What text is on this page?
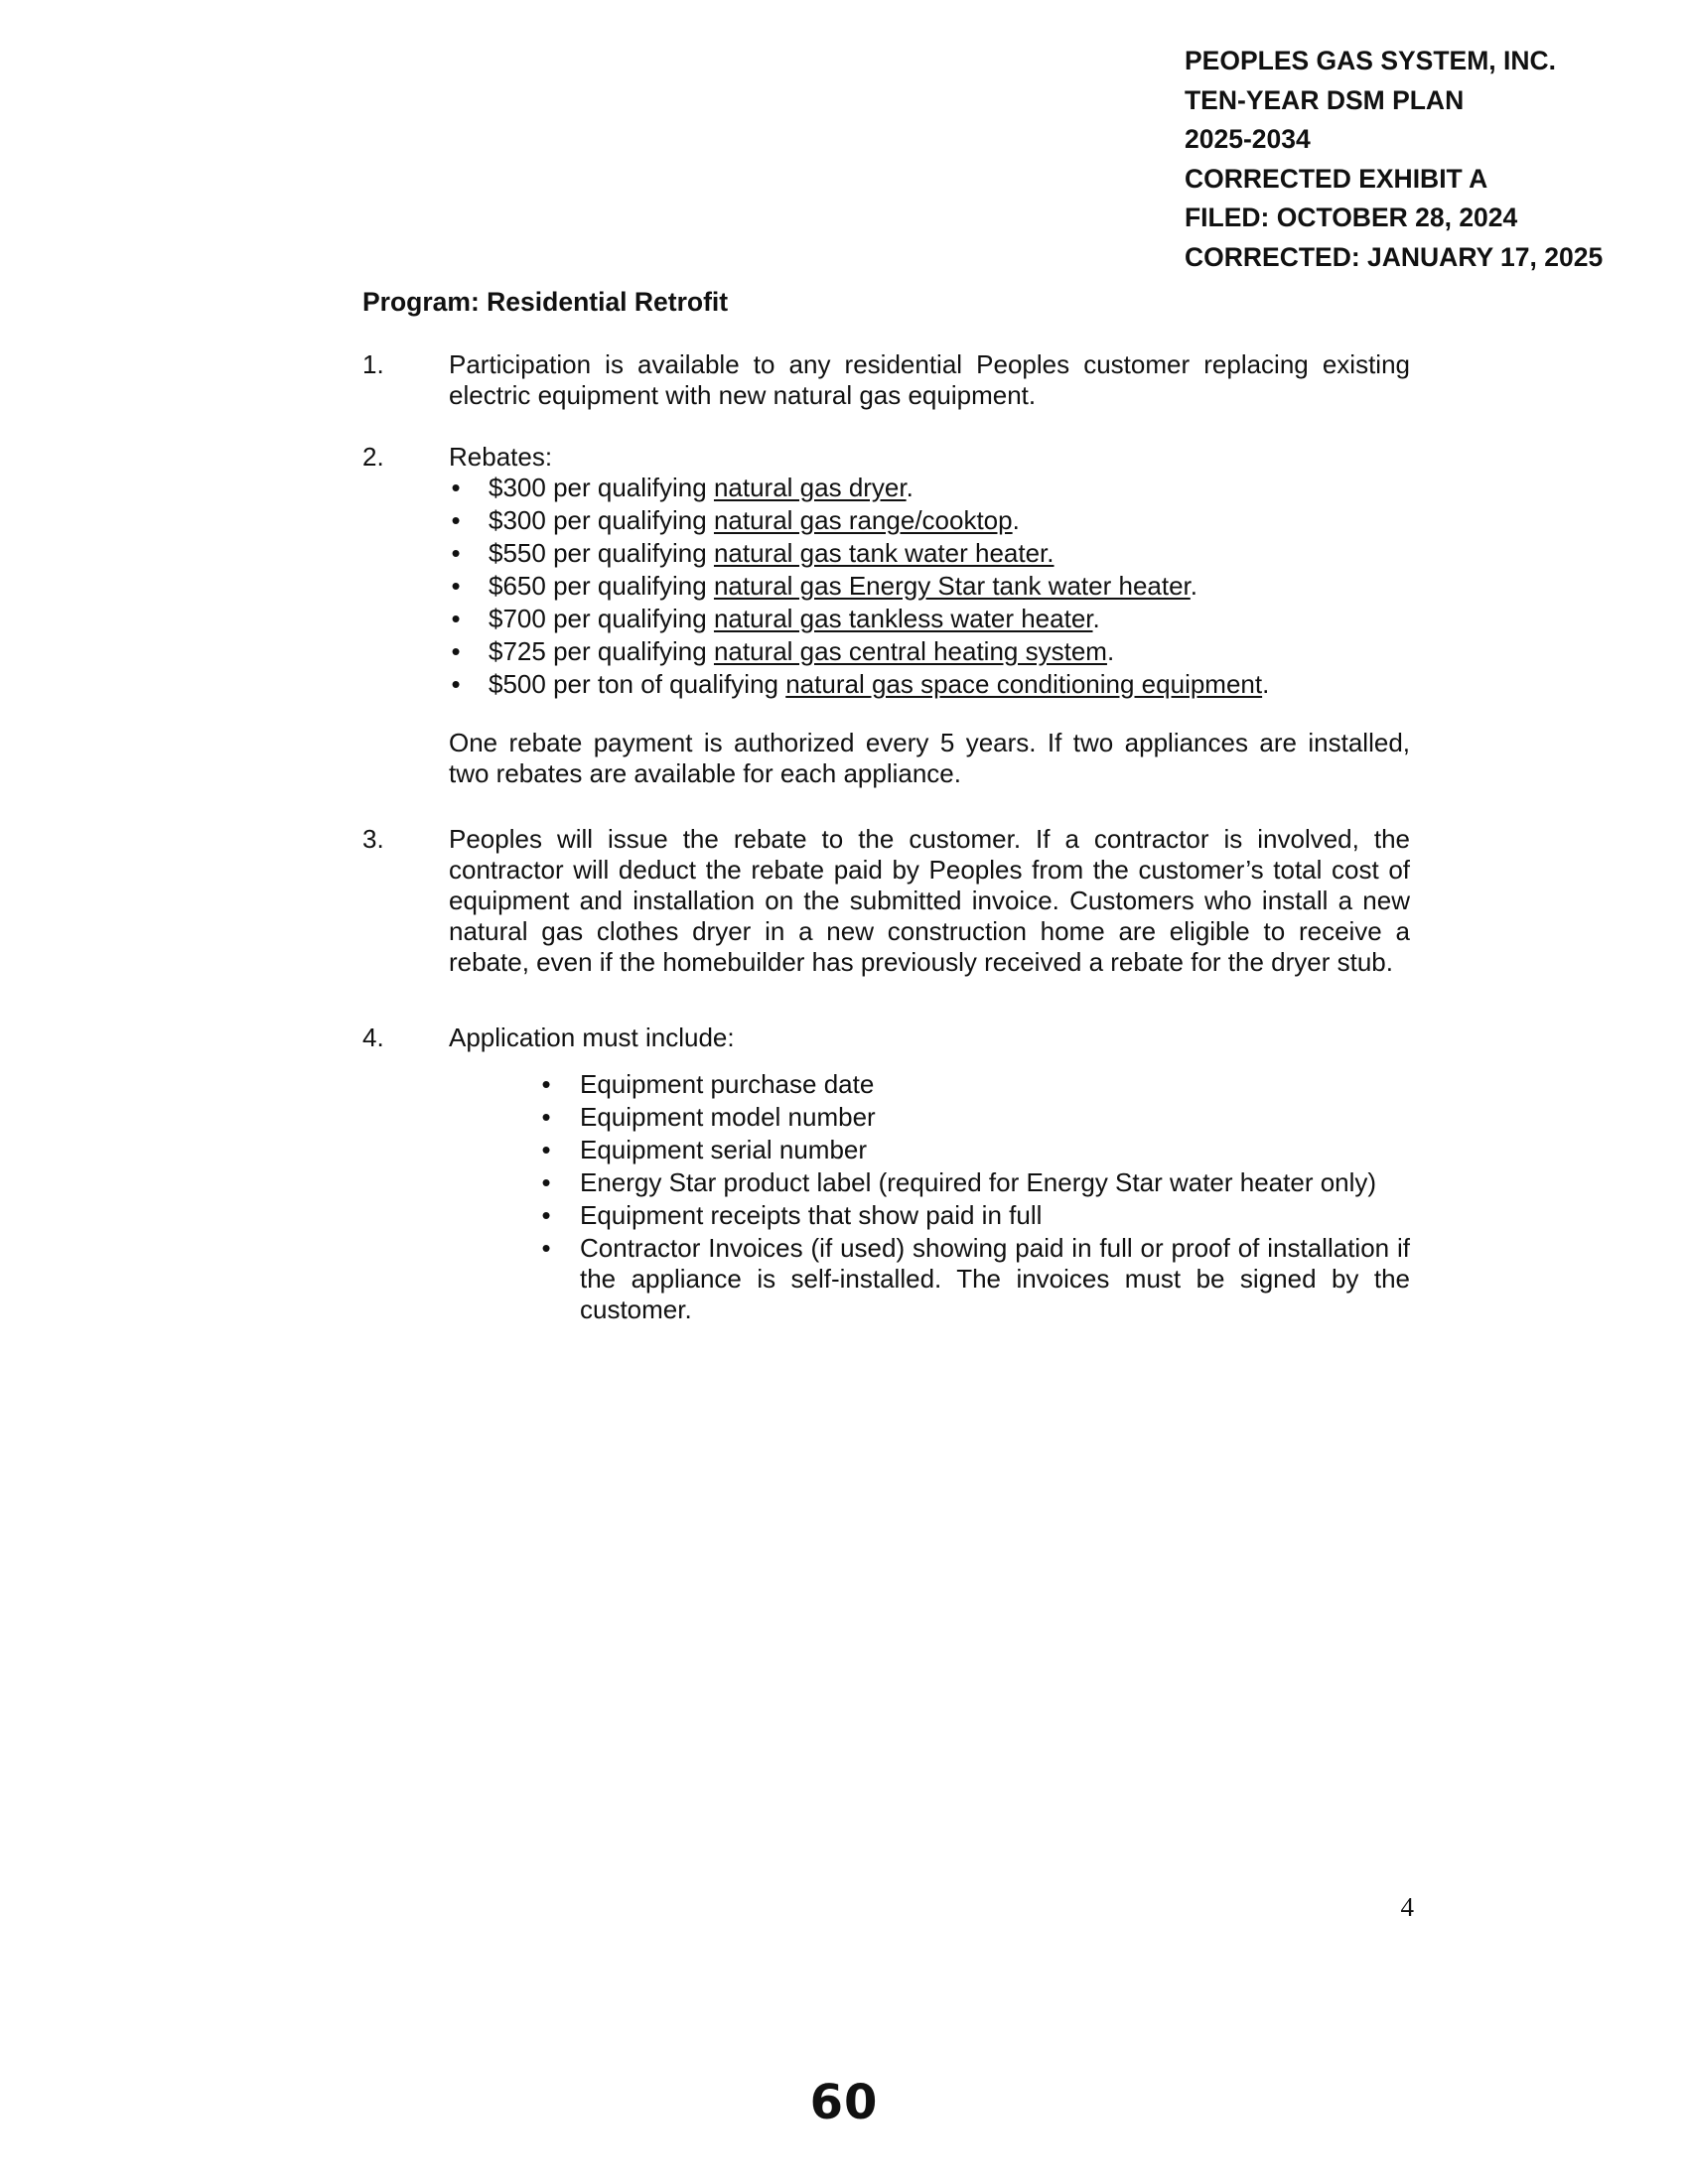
PEOPLES GAS SYSTEM, INC.
TEN-YEAR DSM PLAN
2025-2034
CORRECTED EXHIBIT A
FILED: OCTOBER 28, 2024
CORRECTED: JANUARY 17, 2025
Program: Residential Retrofit
1.	Participation is available to any residential Peoples customer replacing existing
electric equipment with new natural gas equipment.
2.	Rebates:
• $300 per qualifying natural gas dryer.
• $300 per qualifying natural gas range/cooktop.
• $550 per qualifying natural gas tank water heater.
• $650 per qualifying natural gas Energy Star tank water heater.
• $700 per qualifying natural gas tankless water heater.
• $725 per qualifying natural gas central heating system.
• $500 per ton of qualifying natural gas space conditioning equipment.
One rebate payment is authorized every 5 years. If two appliances are installed,
two rebates are available for each appliance.
3.	Peoples will issue the rebate to the customer. If a contractor is involved, the contractor will deduct the rebate paid by Peoples from the customer’s total cost of equipment and installation on the submitted invoice. Customers who install a new natural gas clothes dryer in a new construction home are eligible to receive a rebate, even if the homebuilder has previously received a rebate for the dryer stub.
4.	Application must include:
• Equipment purchase date
• Equipment model number
• Equipment serial number
• Energy Star product label (required for Energy Star water heater only)
• Equipment receipts that show paid in full
• Contractor Invoices (if used) showing paid in full or proof of installation if the appliance is self-installed. The invoices must be signed by the customer.
4
60
